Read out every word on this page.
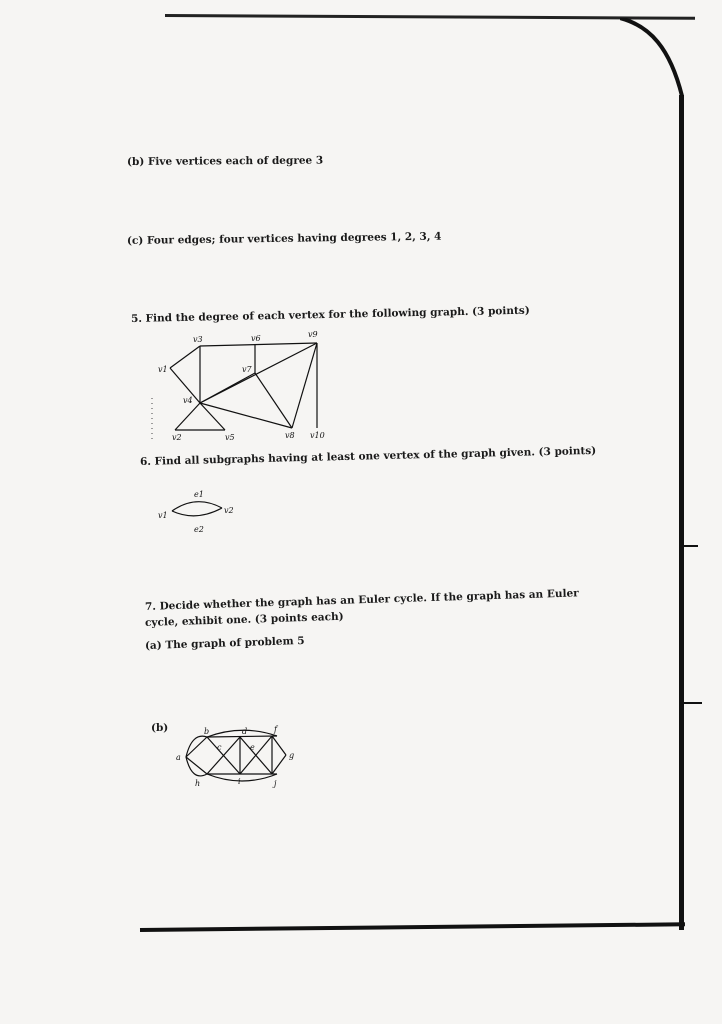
(b) Five vertices each of degree 3
(c) Four edges; four vertices having degrees 1, 2, 3, 4
5. Find the degree of each vertex for the following graph. (3 points)
v3	v6	v9
v1	v7
v4
v2	v5	v8 v10
6. Find all subgraphs having at least one vertex of the graph given. (3 points)
e1
v1
v2
e2
7. Decide whether the graph has an Euler cycle. If the graph has an Euler
cycle, exhibit one. (3 points each)
(a) The graph of problem 5
(b)	b	d	f
c	e
a	g
i
h	j
